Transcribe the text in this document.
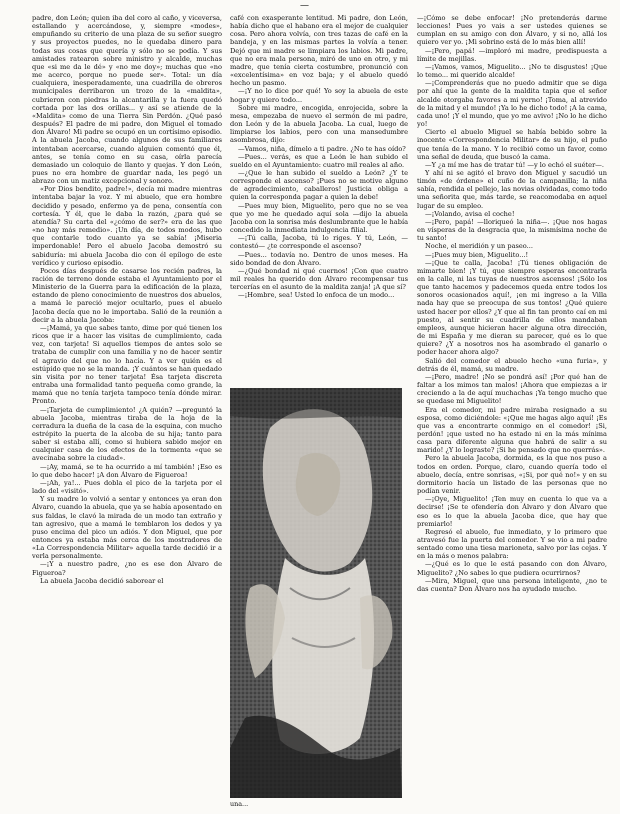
—

padre, don León; quien iba del coro al caño, y viceversa, estallando y acercándose, y, siempre «modes», empuñando su criterio de una plaza de su señor suegro y sus proyectos puedes, no le quedaba dinero para todas sus cosas que quería y sólo no se podía. Y sus amistades ratearon sobre ministro y alcalde, muchas que «si me da le dé» y «no me doy»; muchas que «no me acerco, porque no puede ser». Total: un día cualquiera, inesperadamente, una cuadrilla de obreros municipales derribaron un trozo de la «maldita», cubrieron con piedras la alcantarilla y la fuera quedó cortada por las dos orillas... y así se atiende de la «Maldita» como de una Tierra Sin Perdón. ¿Qué pasó después? El padre de mi padre, don Miguel el tomado don Álvaro! Mi padre se ocupó en un cortísimo episodio. A la abuela Jacoba, cuando algunos de sus familiares intentaban acercarse, cuando alguien comentó que él, antes, se tenía como en su casa, oírla parecía demasiado un coloquio de llanto y quejas. Y don León, pues no era hombre de guardar nada, les pegó un abrazo con un matiz excepcional y sonoro.

«Por Dios bendito, padre!», decía mi madre mientras intentaba bajar la voz. Y mi abuelo, que era hombre decidido y pesado, enfermo ya de pena, consentía con cortesía. Y él, que le daba la razón, ¿para qué se atendía? Su carta del «¿cómo de ser?» era de las que «no hay más remedio». ¡Un día, de todos modos, hubo que contarle todo cuanto ya se sabía! ¡Miseria imperdonable! Pero el abuelo Jacoba demostró su sabiduría: mi abuela Jacoba dio con él epílogo de este verídico y curioso episodio.

Pocos días después de casarse los recién padres, la ración de terreno donde estaba el Ayuntamiento por el Ministerio de la Guerra para la edificación de la plaza, estando de pleno conocimiento de nuestros dos abuelos, a mamá le pareció mejor ocultarlo, pues el abuelo Jacoba decía que no le importaba. Salió de la reunión a decir a la abuela Jacoba:

—¡Mamá, ya que sabes tanto, dime por qué tienen los ricos que ir a hacer las visitas de cumplimiento, cada vez, con tarjeta! Si aquellos tiempos de antes solo se trataba de cumplir con una familia y no de hacer sentir el agravio del que no lo hacía. Y a ver quién es el estúpido que no se la manda. ¡Y cuántos se han quedado sin visita por no tener tarjeta! Ésa tarjeta discreta entraba una formalidad tanto pequeña como grande, la mamá que no tenía tarjeta tampoco tenía dónde mirar. Pronto.

—¡Tarjeta de cumplimiento! ¿A quién? —preguntó la abuela Jacoba, mientras tiraba de la hoja de la cerradura la dueña de la casa de la esquina, con mucho estrépito la puerta de la alcoba de su hija; tanto para saber si estaba allí, como si hubiera sabido mejor en cualquier casa de los efectos de la tormenta «que se avecinaba sobre la ciudad».

—¡Ay, mamá, se te ha ocurrido a mí también! ¡Eso es lo que debo hacer! ¡A don Álvaro de Figueroa!

—¡Ah, ya!... Pues dobla el pico de la tarjeta por el lado del «visitó».

Y su madre lo volvió a sentar y entonces ya eran don Álvaro, cuando la abuela, que ya se había aposentado en sus faldas, le clavó la mirada de un modo tan extraño y tan agresivo, que a mamá le temblaron los dedos y ya puso encima del pico un adiós. Y don Miguel, que por entonces ya estaba más cerca de los mostradores de «La Correspondencia Militar» aquella tarde decidió ir a verla personalmente.

—¡Y a nuestro padre, ¿no es ese don Álvaro de Figueroa?

La abuela Jacoba decidió saborear el

café con exasperante lentitud. Mi padre, don León, había dicho que el habano era el mejor de cualquier cosa. Pero ahora volvía, con tres tazas de café en la bandeja, y en las mismas partes la volvía a tener. Dejó que mi madre se limpiara los labios. Mi padre, que no era mala persona, miró de uno en otro, y mi madre, que tenía cierta costumbre, pronunció con «excelentísima» en voz baja; y el abuelo quedó hecho un pasmo.

—¡Y no lo dice por qué! Yo soy la abuela de este hogar y quiero todo...

Sobre mi madre, encogida, enrojecida, sobre la mesa, empezaba de nuevo el sermón de mi padre, don León y de la abuela Jacoba. La cual, luego de limpiarse los labios, pero con una mansedumbre asombrosa, dijo:

—Vamos, niña, dímelo a ti padre. ¿No te has oído?

—Pues... verás, es que a León le han subido el sueldo en el Ayuntamiento: cuatro mil reales al año.

—¿Que le han subido el sueldo a León? ¿Y te corresponde el ascenso? ¡Pues no se motive alguno de agradecimiento, caballeros! Justicia obliga a quien la corresponda pagar a quien la debe!

—Pues muy bien, Miguelito, pero que no se vea que yo me he quedado aquí sola —dijo la abuela Jacoba con la sonrisa más deslumbrante que le había concedido la inmediata indulgencia filial.

—¡Tú calla, Jacoba, tú lo riges. Y tú, León, —contestó— ¿te corresponde el ascenso?

—Pues... todavía no. Dentro de unos meses. Ha sido bondad de don Álvaro.

—¿Qué bondad ni qué cuernos! ¡Con que cuatro mil reales ha querido don Álvaro recompensar tus tercerías en el asunto de la maldita zanja! ¡A que sí?

—¡Hombre, sea! Usted lo enfoca de un modo...

una...

—¡Cómo se debe enfocar! ¡No pretenderás darme lecciones! Pues yo vais a ser ustedes quienes se cumplan en su amigo con don Álvaro, y si no, allá los quiero ver yo. ¡Mi sobrino está de lo más bien allí!

—¡Pero, papá! —imploró mi madre, predispuesta a límite de mejillas.

—¡Vamos, vamos, Miguelito... ¡No te disgustes! ¡Que lo temo... mi querido alcalde!

—¡Comprenderás que no puedo admitir que se diga por ahí que la gente de la maldita tapia que el señor alcalde otorgaba favores a mi yerno! ¡Toma, al atrevido de la mitad y el mundo! ¡Ya lo he dicho todo! ¡A la cama, cada uno! ¡Y el mundo, que yo me avivo! ¡No lo he dicho yo!

Cierto el abuelo Miguel se había bebido sobre la inocente «Correspondencia Militar» de su hijo, el puño que tenía de la mano. Y lo recibió como un favor, como una señal de deuda, que buscó la cama.

—Y ¿a mí me has de tratar tú! —y lo echó el suéter—.

Y ahí ni se agitó el bravo don Miguel y sacudió un timón «de órdene» el cuño de la campanilla; la niña sabía, rendida el pellejo, las novias olvidadas, como todo una señorita que, más tarde, se reacomodaba en aquel lugar de su empleo.

—¡Volando, avisa el coche!

—¡Pero, papá! —lloriqueó la niña—. ¡Que nos hagas en vísperas de la desgracia que, la mismísima noche de tu santo!

Noche, el meridión y un paseo...

—¡Pues muy bien, Miguelito...!

—¡Que te calla, Jacoba! ¡Tú tienes obligación de mimarte bien! ¡Y tú, que siempre esperas encontrarla en la calle, ni las tuyas de nuestros ascensos! ¡Sólo los que tanto hacemos y padecemos queda entre todos los sonoros ocasionados aquí!, ¡en mi ingreso a la Villa nada hay que se preocupa de sus tontos! ¿Qué quiere usted hacer por ellos? ¿Y que al fin tan pronto caí en mi puesto, al sentir su cuadrilla de ellos mandaban empleos, aunque hicieran hacer alguna otra dirección, de mi España y me dieran su parecer, qué es lo que quiere? ¿Y a nosotros nos ha asombrado el ganarlo o poder hacer ahora algo?

Salió del comedor el abuelo hecho «una furia», y detrás de él, mamá, su madre.

—¡Pero, madre! ¡No se pondrá así! ¡Por qué han de faltar a los mimos tan malos! ¡Ahora que empiezas a ir creciendo a la de aquí muchachas ¡Ya tengo mucho que se quedase mi Miguelito!

Era el comedor, mi padre miraba resignado a su esposa, como diciéndole: «¡Que me hagas algo aquí! ¡Es que vas a encontrarte conmigo en el comedor! ¡Si, perdón! ¡que usted no ha estado ni en la más mínima casa para diferente alguna que habrá de salir a su marido! ¿Y lo lograste? ¡Si he pensado que no querrás».

Pero la abuela Jacoba, dormida, es la que nos puso a todos en orden. Porque, claro, cuando quería todo el abuelo, decía, entre sonrisas, «¡Si, por qué no!» y en su dormitorio hacía un listado de las personas que no podían venir.

—¡Oye, Miguelito! ¡Ten muy en cuenta lo que va a decirse! ¡Se te ofendería don Álvaro y don Álvaro que eso es lo que la abuela Jacoba dice, que hay que premiarlo!

Regresó el abuelo, fue inmediato, y lo primero que atravesó fue la puerta del comedor. Y se vio a mi padre sentado como una tiesa marioneta, salvo por las cejas. Y en la más o menos palabra:

—¿Qué es lo que le está pasando con don Álvaro, Miguelito? ¿No sabes lo que pudiera ocurrirnos?

—Mira, Miguel, que una persona inteligente, ¿no te das cuenta? Don Álvaro nos ha ayudado mucho.
